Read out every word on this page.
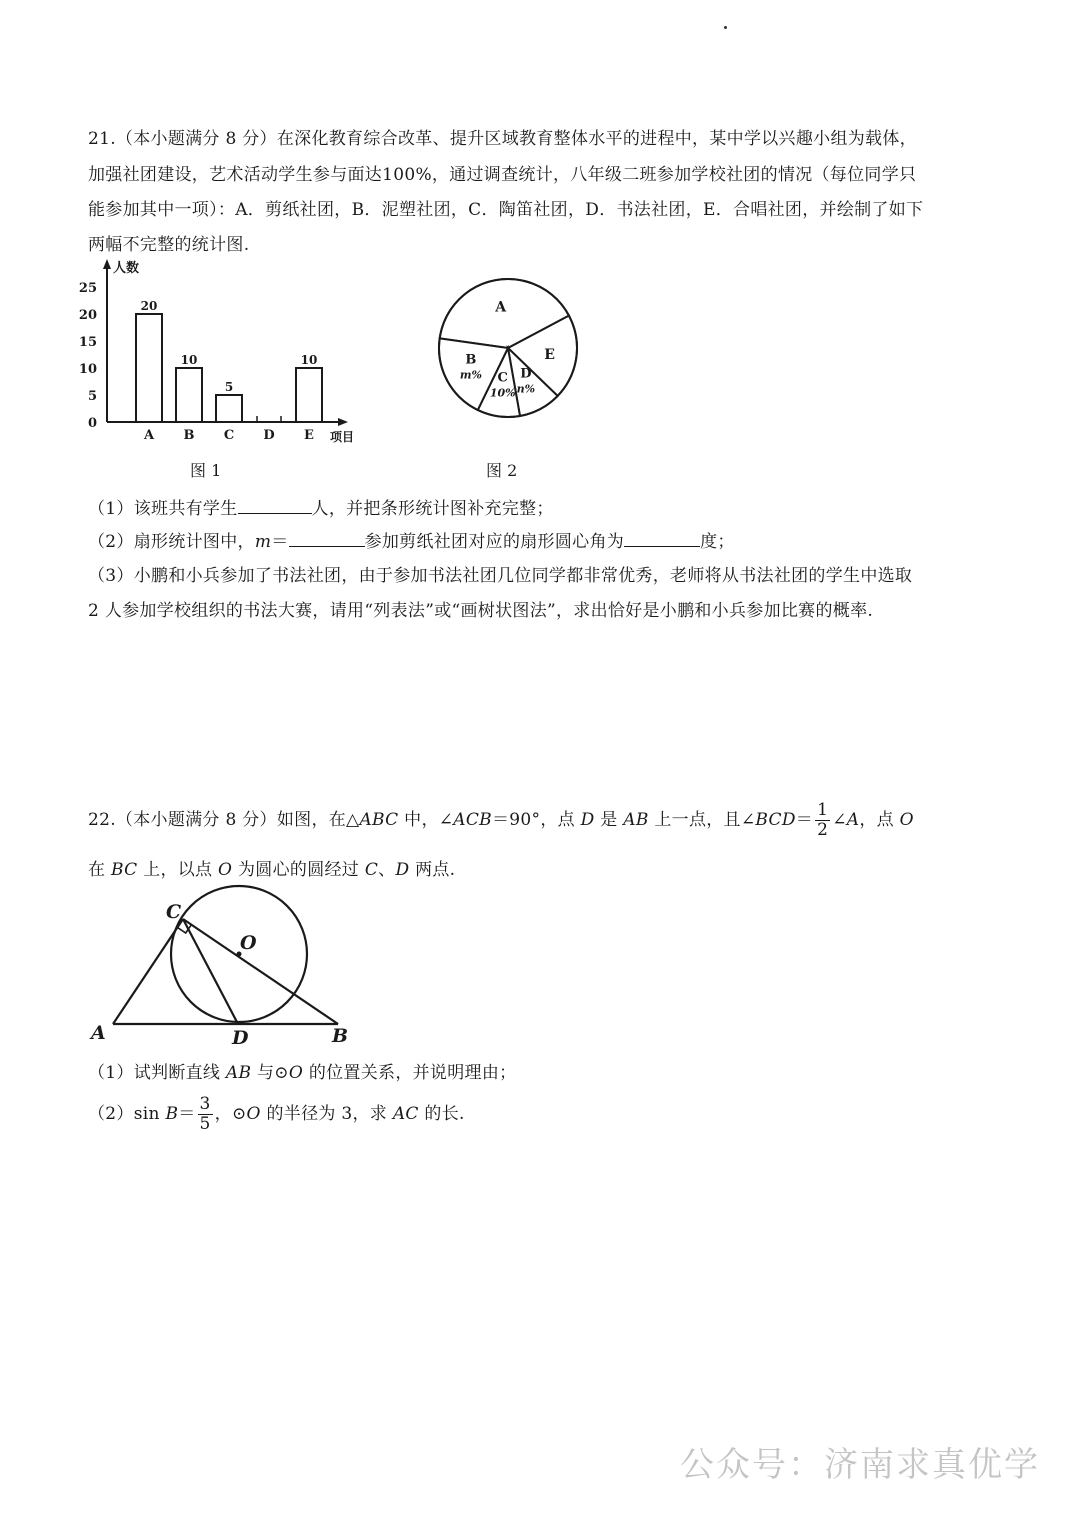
21.（本小题满分 8 分）在深化教育综合改革、提升区域教育整体水平的进程中，某中学以兴趣小组为载体，
加强社团建设，艺术活动学生参与面达100%，通过调查统计，八年级二班参加学校社团的情况（每位同学只
能参加其中一项）：A．剪纸社团，B．泥塑社团，C．陶笛社团，D．书法社团，E．合唱社团，并绘制了如下
两幅不完整的统计图.
人数
项目
0
5
10
15
20
25
A B C D E
20
10
5
10
A
E
D
n%
C
10%
B
m%
图 1	图 2
（1）该班共有学生	人，并把条形统计图补充完整；
（2）扇形统计图中，m＝	参加剪纸社团对应的扇形圆心角为	度；
（3）小鹏和小兵参加了书法社团，由于参加书法社团几位同学都非常优秀，老师将从书法社团的学生中选取
2 人参加学校组织的书法大赛，请用“列表法”或“画树状图法”，求出恰好是小鹏和小兵参加比赛的概率.
22.（本小题满分 8 分）如图，在△ABC 中，∠ACB＝90°，点 D 是 AB 上一点，且∠BCD＝ $\frac{1}{2}$ ∠A，点 O
在 BC 上，以点 O 为圆心的圆经过 C、D 两点.
C
O
A	D	B
（1）试判断直线 AB 与⊙O 的位置关系，并说明理由；
（2）sin $B= \frac{3}{5}$ ，⊙O 的半径为 3，求 AC 的长.
公众号：济南求真优学
